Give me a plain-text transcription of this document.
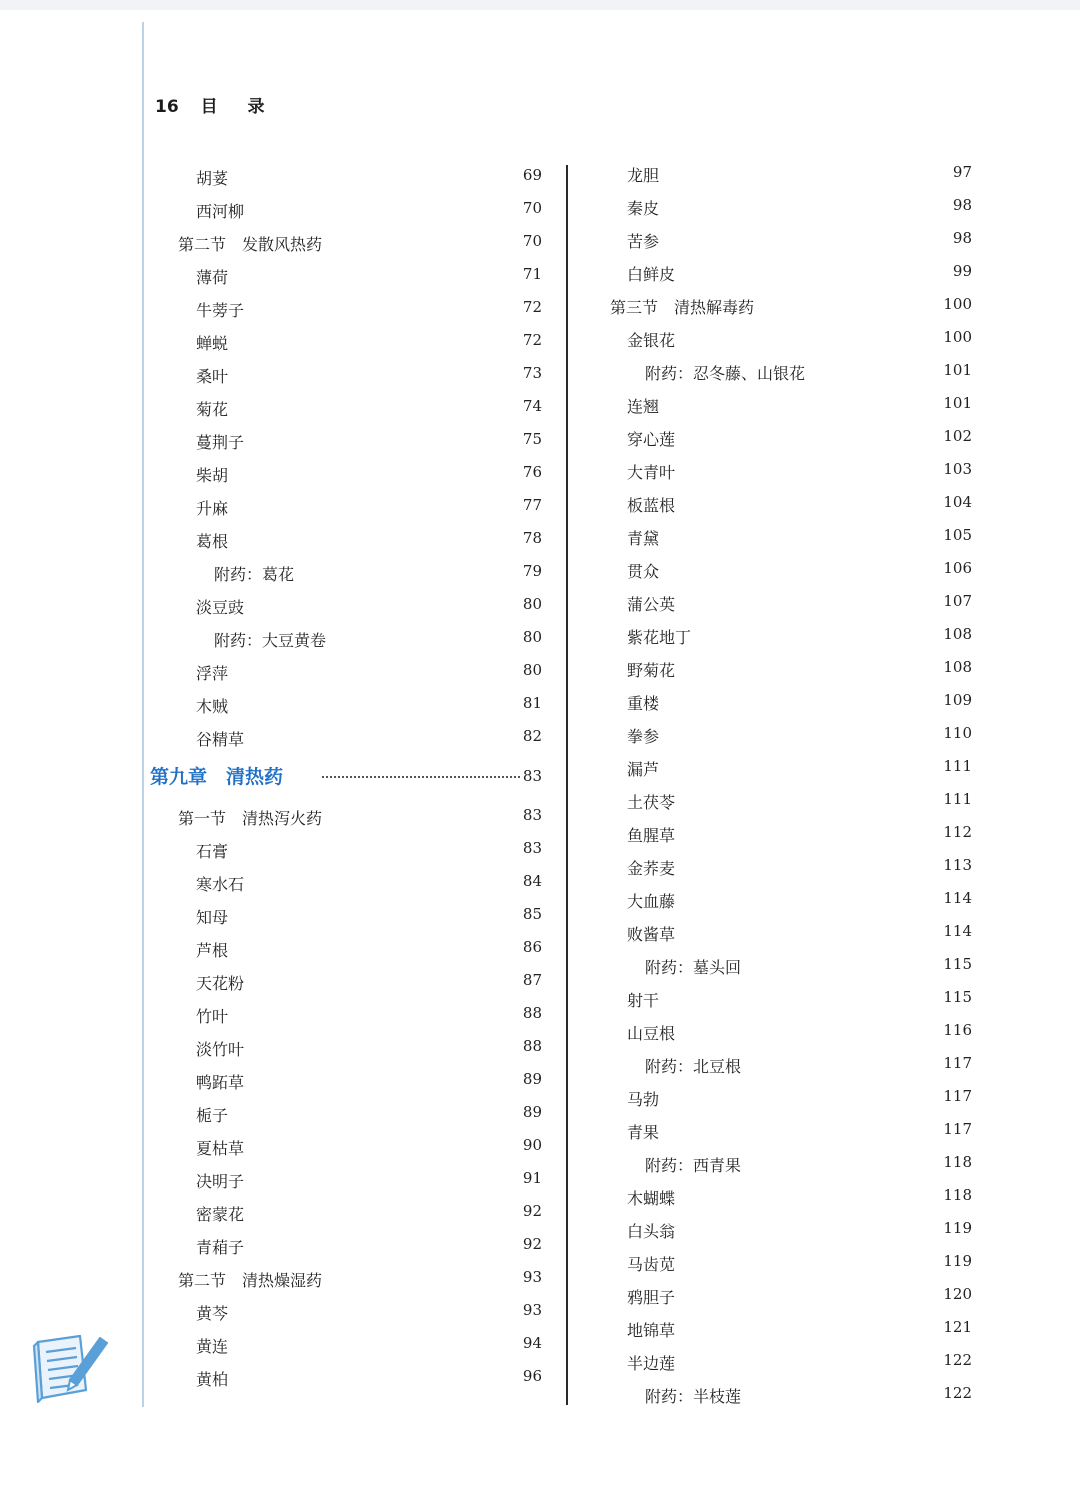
16 目 录
胡荽	69
西河柳	70
第二节　发散风热药	70
薄荷	71
牛蒡子	72
蝉蜕	72
桑叶	73
菊花	74
蔓荆子	75
柴胡	76
升麻	77
葛根	78
附药：葛花	79
淡豆豉	80
附药：大豆黄卷	80
浮萍	80
木贼	81
谷精草	82
第九章　清热药	83
第一节　清热泻火药	83
石膏	83
寒水石	84
知母	85
芦根	86
天花粉	87
竹叶	88
淡竹叶	88
鸭跖草	89
栀子	89
夏枯草	90
决明子	91
密蒙花	92
青葙子	92
第二节　清热燥湿药	93
黄芩	93
黄连	94
黄柏	96
龙胆	97
秦皮	98
苦参	98
白鲜皮	99
第三节　清热解毒药	100
金银花	100
附药：忍冬藤、山银花	101
连翘	101
穿心莲	102
大青叶	103
板蓝根	104
青黛	105
贯众	106
蒲公英	107
紫花地丁	108
野菊花	108
重楼	109
拳参	110
漏芦	111
土茯苓	111
鱼腥草	112
金荞麦	113
大血藤	114
败酱草	114
附药：墓头回	115
射干	115
山豆根	116
附药：北豆根	117
马勃	117
青果	117
附药：西青果	118
木蝴蝶	118
白头翁	119
马齿苋	119
鸦胆子	120
地锦草	121
半边莲	122
附药：半枝莲	122
